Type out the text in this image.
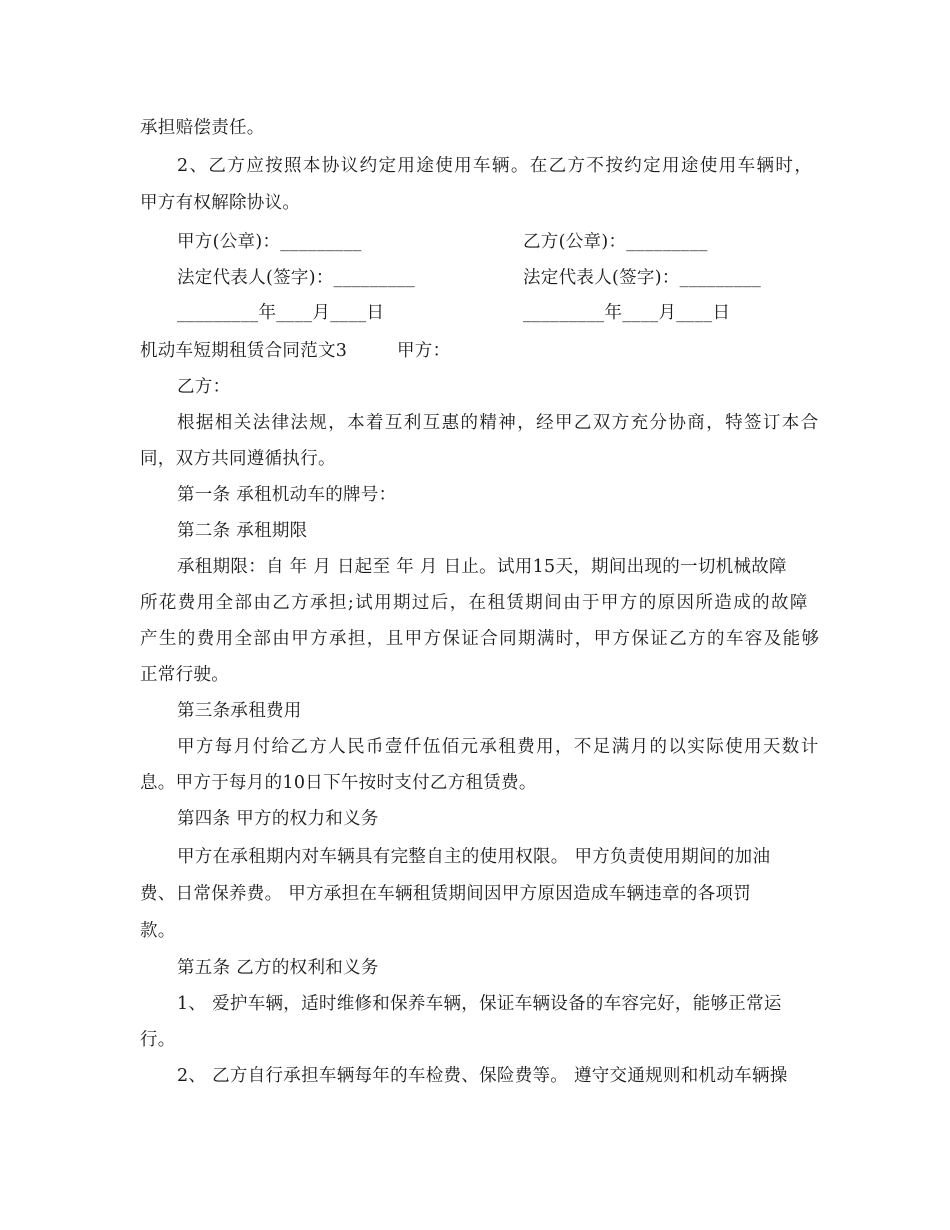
承担赔偿责任。
2、乙方应按照本协议约定用途使用车辆。在乙方不按约定用途使用车辆时，
甲方有权解除协议。
甲方(公章)：_________	乙方(公章)：_________
法定代表人(签字)：_________	法定代表人(签字)：_________
_________年____月____日	_________年____月____日
机动车短期租赁合同范文3	甲方：
乙方：
根据相关法律法规，本着互利互惠的精神，经甲乙双方充分协商，特签订本合
同，双方共同遵循执行。
第一条 承租机动车的牌号：
第二条 承租期限
承租期限：自 年 月 日起至 年 月 日止。试用15天，期间出现的一切机械故障
所花费用全部由乙方承担;试用期过后，在租赁期间由于甲方的原因所造成的故障
产生的费用全部由甲方承担，且甲方保证合同期满时，甲方保证乙方的车容及能够
正常行驶。
第三条承租费用
甲方每月付给乙方人民币壹仟伍佰元承租费用，不足满月的以实际使用天数计
息。甲方于每月的10日下午按时支付乙方租赁费。
第四条 甲方的权力和义务
甲方在承租期内对车辆具有完整自主的使用权限。 甲方负责使用期间的加油
费、日常保养费。 甲方承担在车辆租赁期间因甲方原因造成车辆违章的各项罚
款。
第五条 乙方的权利和义务
1、 爱护车辆，适时维修和保养车辆，保证车辆设备的车容完好，能够正常运
行。
2、 乙方自行承担车辆每年的车检费、保险费等。 遵守交通规则和机动车辆操
